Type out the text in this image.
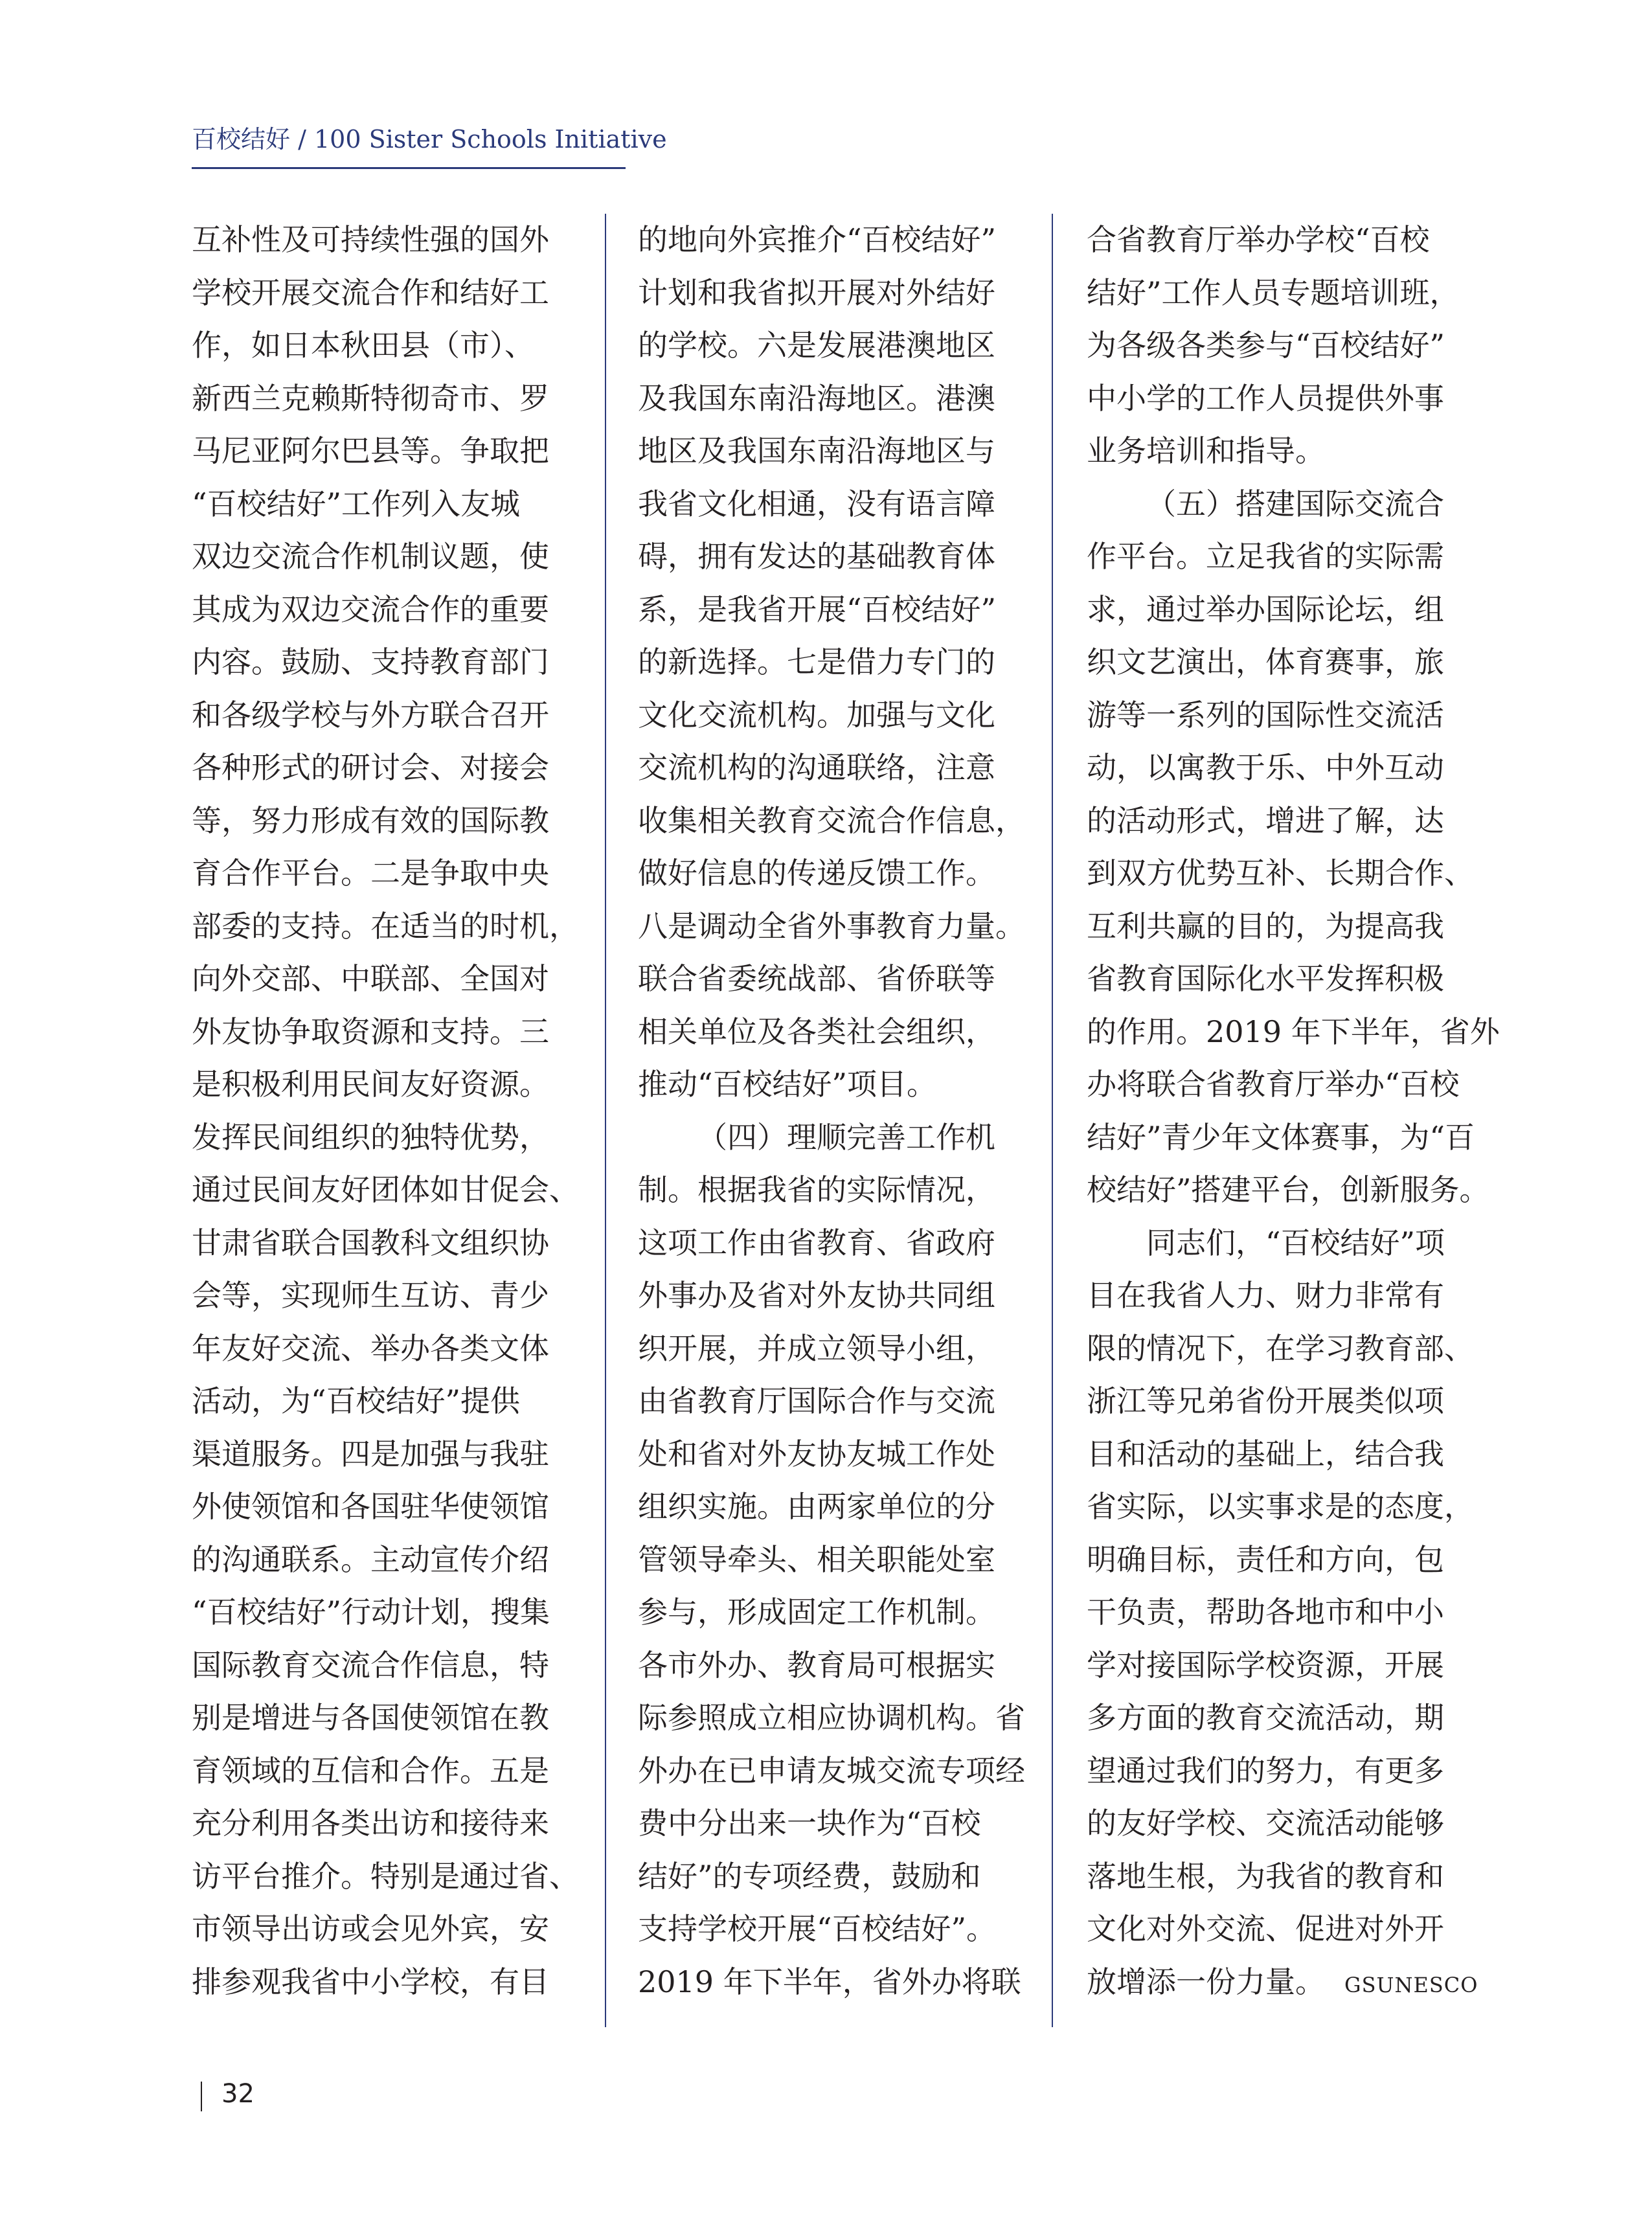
百校结好 / 100 Sister Schools Initiative
互补性及可持续性强的国外
学校开展交流合作和结好工
作，如日本秋田县（市）、
新西兰克赖斯特彻奇市、罗
马尼亚阿尔巴县等。争取把
“百校结好”工作列入友城
双边交流合作机制议题，使
其成为双边交流合作的重要
内容。鼓励、支持教育部门
和各级学校与外方联合召开
各种形式的研讨会、对接会
等，努力形成有效的国际教
育合作平台。二是争取中央
部委的支持。在适当的时机，
向外交部、中联部、全国对
外友协争取资源和支持。三
是积极利用民间友好资源。
发挥民间组织的独特优势，
通过民间友好团体如甘促会、
甘肃省联合国教科文组织协
会等，实现师生互访、青少
年友好交流、举办各类文体
活动，为“百校结好”提供
渠道服务。四是加强与我驻
外使领馆和各国驻华使领馆
的沟通联系。主动宣传介绍
“百校结好”行动计划，搜集
国际教育交流合作信息，特
别是增进与各国使领馆在教
育领域的互信和合作。五是
充分利用各类出访和接待来
访平台推介。特别是通过省、
市领导出访或会见外宾，安
排参观我省中小学校，有目
的地向外宾推介“百校结好”
计划和我省拟开展对外结好
的学校。六是发展港澳地区
及我国东南沿海地区。港澳
地区及我国东南沿海地区与
我省文化相通，没有语言障
碍，拥有发达的基础教育体
系，是我省开展“百校结好”
的新选择。七是借力专门的
文化交流机构。加强与文化
交流机构的沟通联络，注意
收集相关教育交流合作信息，
做好信息的传递反馈工作。
八是调动全省外事教育力量。
联合省委统战部、省侨联等
相关单位及各类社会组织，
推动“百校结好”项目。
（四）理顺完善工作机
制。根据我省的实际情况，
这项工作由省教育、省政府
外事办及省对外友协共同组
织开展，并成立领导小组，
由省教育厅国际合作与交流
处和省对外友协友城工作处
组织实施。由两家单位的分
管领导牵头、相关职能处室
参与，形成固定工作机制。
各市外办、教育局可根据实
际参照成立相应协调机构。省
外办在已申请友城交流专项经
费中分出来一块作为“百校
结好”的专项经费，鼓励和
支持学校开展“百校结好”。
2019 年下半年，省外办将联
合省教育厅举办学校“百校
结好”工作人员专题培训班，
为各级各类参与“百校结好”
中小学的工作人员提供外事
业务培训和指导。
（五）搭建国际交流合
作平台。立足我省的实际需
求，通过举办国际论坛，组
织文艺演出，体育赛事，旅
游等一系列的国际性交流活
动，以寓教于乐、中外互动
的活动形式，增进了解，达
到双方优势互补、长期合作、
互利共赢的目的，为提高我
省教育国际化水平发挥积极
的作用。2019 年下半年，省外
办将联合省教育厅举办“百校
结好”青少年文体赛事，为“百
校结好”搭建平台，创新服务。
同志们，“百校结好”项
目在我省人力、财力非常有
限的情况下，在学习教育部、
浙江等兄弟省份开展类似项
目和活动的基础上，结合我
省实际，以实事求是的态度，
明确目标，责任和方向，包
干负责，帮助各地市和中小
学对接国际学校资源，开展
多方面的教育交流活动，期
望通过我们的努力，有更多
的友好学校、交流活动能够
落地生根，为我省的教育和
文化对外交流、促进对外开
放增添一份力量。 GSUNESCO
32
